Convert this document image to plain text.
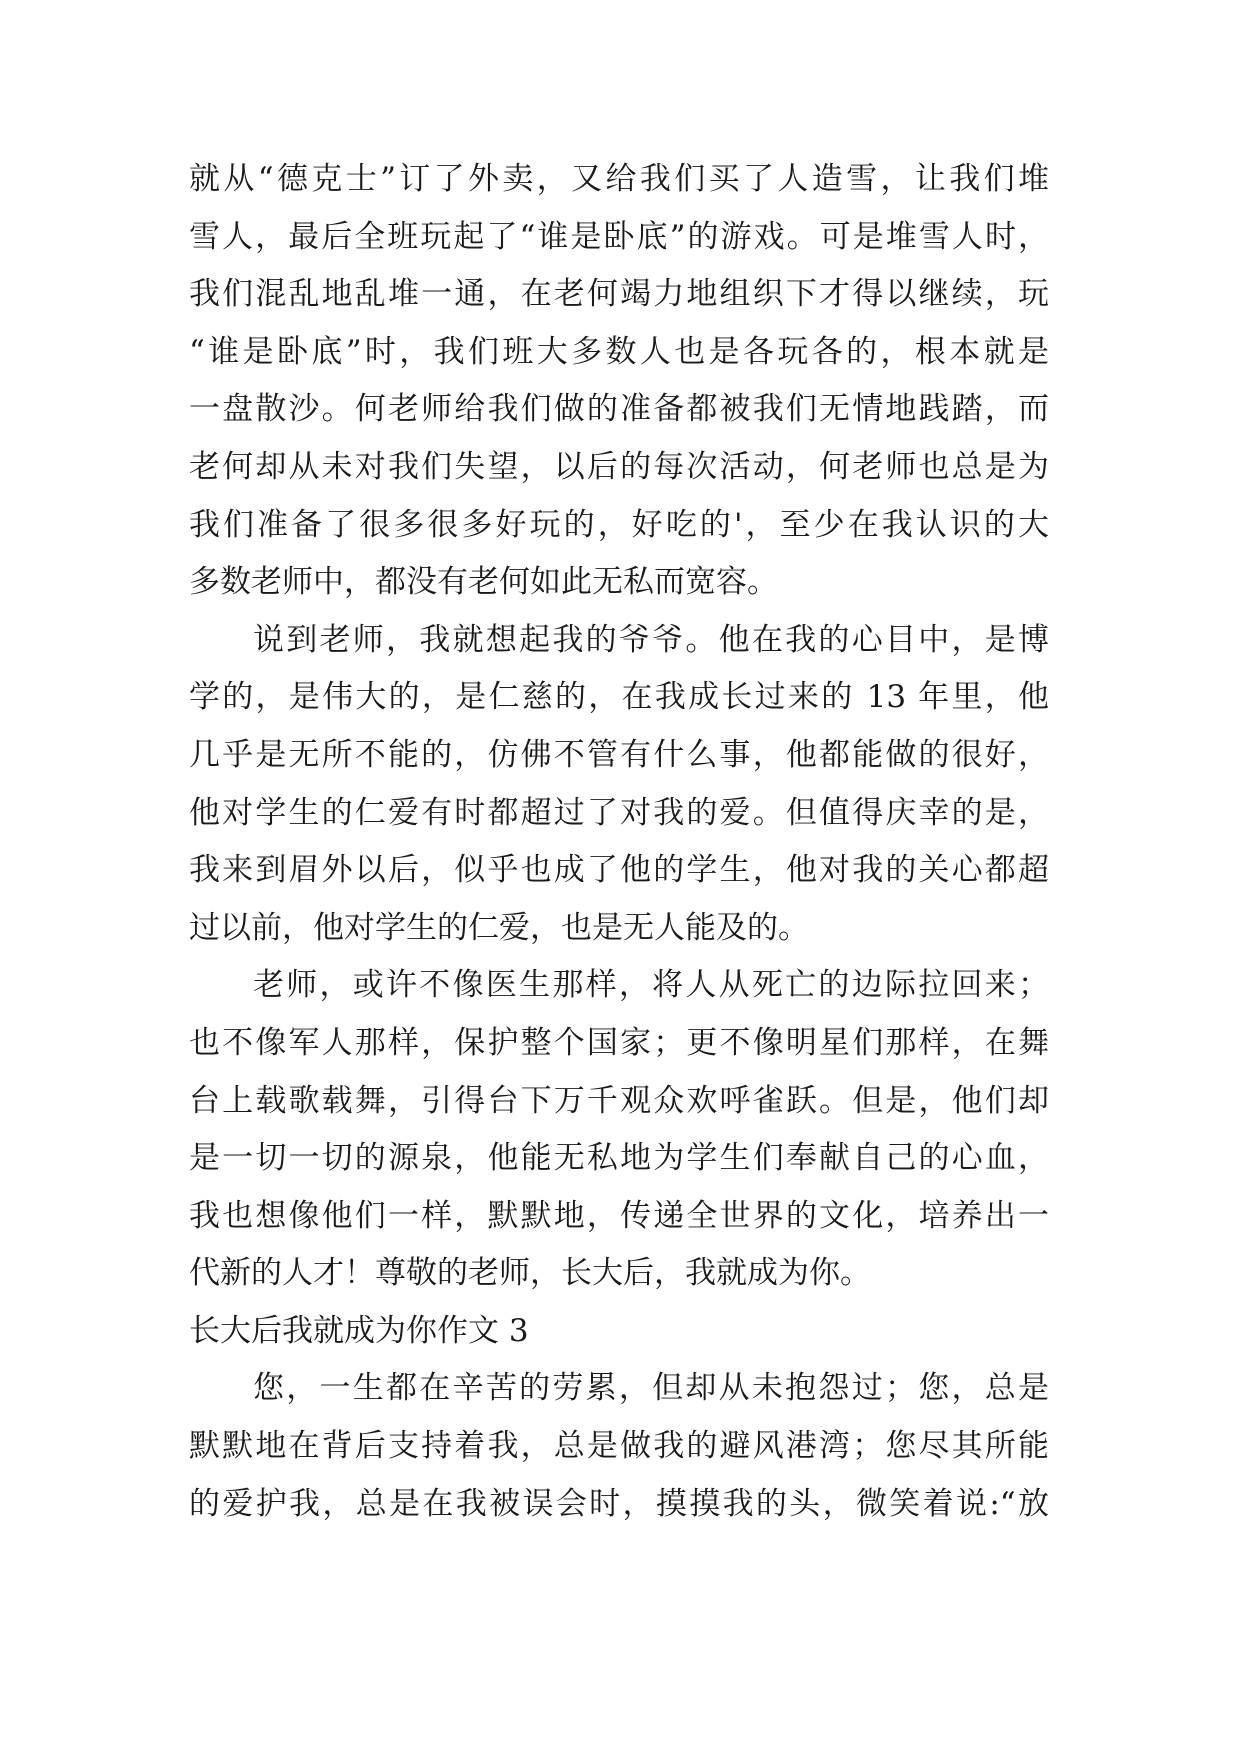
就从“德克士”订了外卖，又给我们买了人造雪，让我们堆
雪人，最后全班玩起了“谁是卧底”的游戏。可是堆雪人时，
我们混乱地乱堆一通，在老何竭力地组织下才得以继续，玩
“谁是卧底”时，我们班大多数人也是各玩各的，根本就是
一盘散沙。何老师给我们做的准备都被我们无情地践踏，而
老何却从未对我们失望，以后的每次活动，何老师也总是为
我们准备了很多很多好玩的，好吃的'，至少在我认识的大
多数老师中，都没有老何如此无私而宽容。
说到老师，我就想起我的爷爷。他在我的心目中，是博
学的，是伟大的，是仁慈的，在我成长过来的 13 年里，他
几乎是无所不能的，仿佛不管有什么事，他都能做的很好，
他对学生的仁爱有时都超过了对我的爱。但值得庆幸的是，
我来到眉外以后，似乎也成了他的学生，他对我的关心都超
过以前，他对学生的仁爱，也是无人能及的。
老师，或许不像医生那样，将人从死亡的边际拉回来；
也不像军人那样，保护整个国家；更不像明星们那样，在舞
台上载歌载舞，引得台下万千观众欢呼雀跃。但是，他们却
是一切一切的源泉，他能无私地为学生们奉献自己的心血，
我也想像他们一样，默默地，传递全世界的文化，培养出一
代新的人才！尊敬的老师，长大后，我就成为你。
长大后我就成为你作文 3
您，一生都在辛苦的劳累，但却从未抱怨过；您，总是
默默地在背后支持着我，总是做我的避风港湾；您尽其所能
的爱护我，总是在我被误会时，摸摸我的头，微笑着说:“放
